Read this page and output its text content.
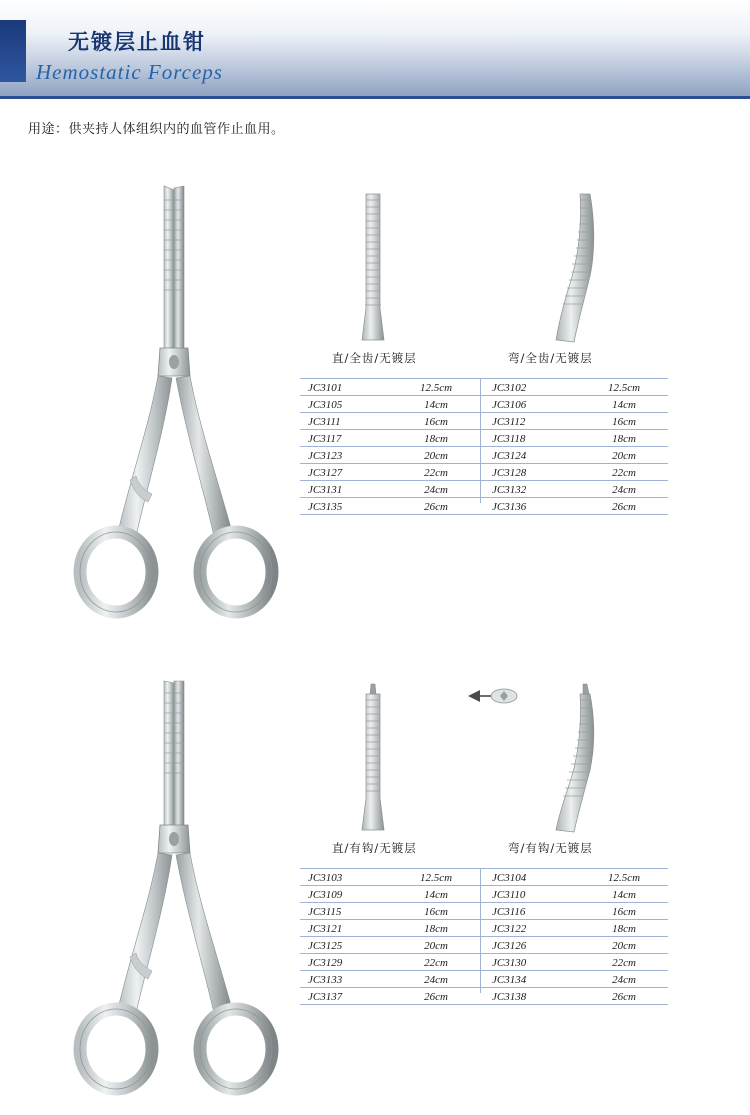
无镀层止血钳
Hemostatic Forceps
用途：供夹持人体组织内的血管作止血用。
直/全齿/无镀层	弯/全齿/无镀层
JC3101	12.5cm	JC3102	12.5cm
JC3105	14cm	JC3106	14cm
JC3111	16cm	JC3112	16cm
JC3117	18cm	JC3118	18cm
JC3123	20cm	JC3124	20cm
JC3127	22cm	JC3128	22cm
JC3131	24cm	JC3132	24cm
JC3135	26cm	JC3136	26cm
直/有钩/无镀层	弯/有钩/无镀层
JC3103	12.5cm	JC3104	12.5cm
JC3109	14cm	JC3110	14cm
JC3115	16cm	JC3116	16cm
JC3121	18cm	JC3122	18cm
JC3125	20cm	JC3126	20cm
JC3129	22cm	JC3130	22cm
JC3133	24cm	JC3134	24cm
JC3137	26cm	JC3138	26cm
